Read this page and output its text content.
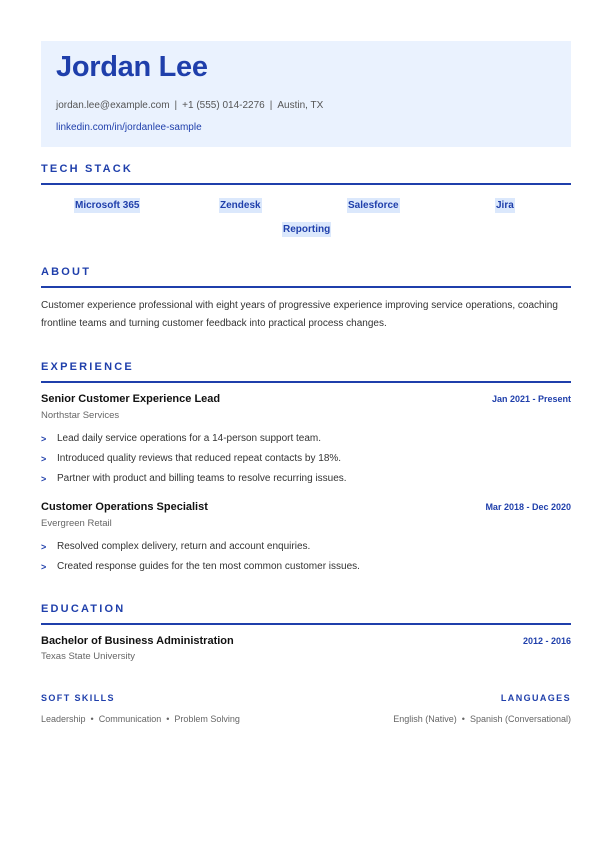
Jordan Lee
jordan.lee@example.com | +1 (555) 014-2276 | Austin, TX
linkedin.com/in/jordanlee-sample
TECH STACK
Microsoft 365	Zendesk	Salesforce	Jira
Reporting
ABOUT

Customer experience professional with eight years of progressive experience improving service operations, coaching frontline teams and turning customer feedback into practical process changes.

EXPERIENCE
Senior Customer Experience Lead	Jan 2021 - Present
Northstar Services
> Lead daily service operations for a 14-person support team.
> Introduced quality reviews that reduced repeat contacts by 18%.
> Partner with product and billing teams to resolve recurring issues.
Customer Operations Specialist	Mar 2018 - Dec 2020
Evergreen Retail
> Resolved complex delivery, return and account enquiries.
> Created response guides for the ten most common customer issues.
EDUCATION
Bachelor of Business Administration	2012 - 2016
Texas State University
SOFT SKILLS
Leadership • Communication • Problem Solving
LANGUAGES
English (Native) • Spanish (Conversational)
